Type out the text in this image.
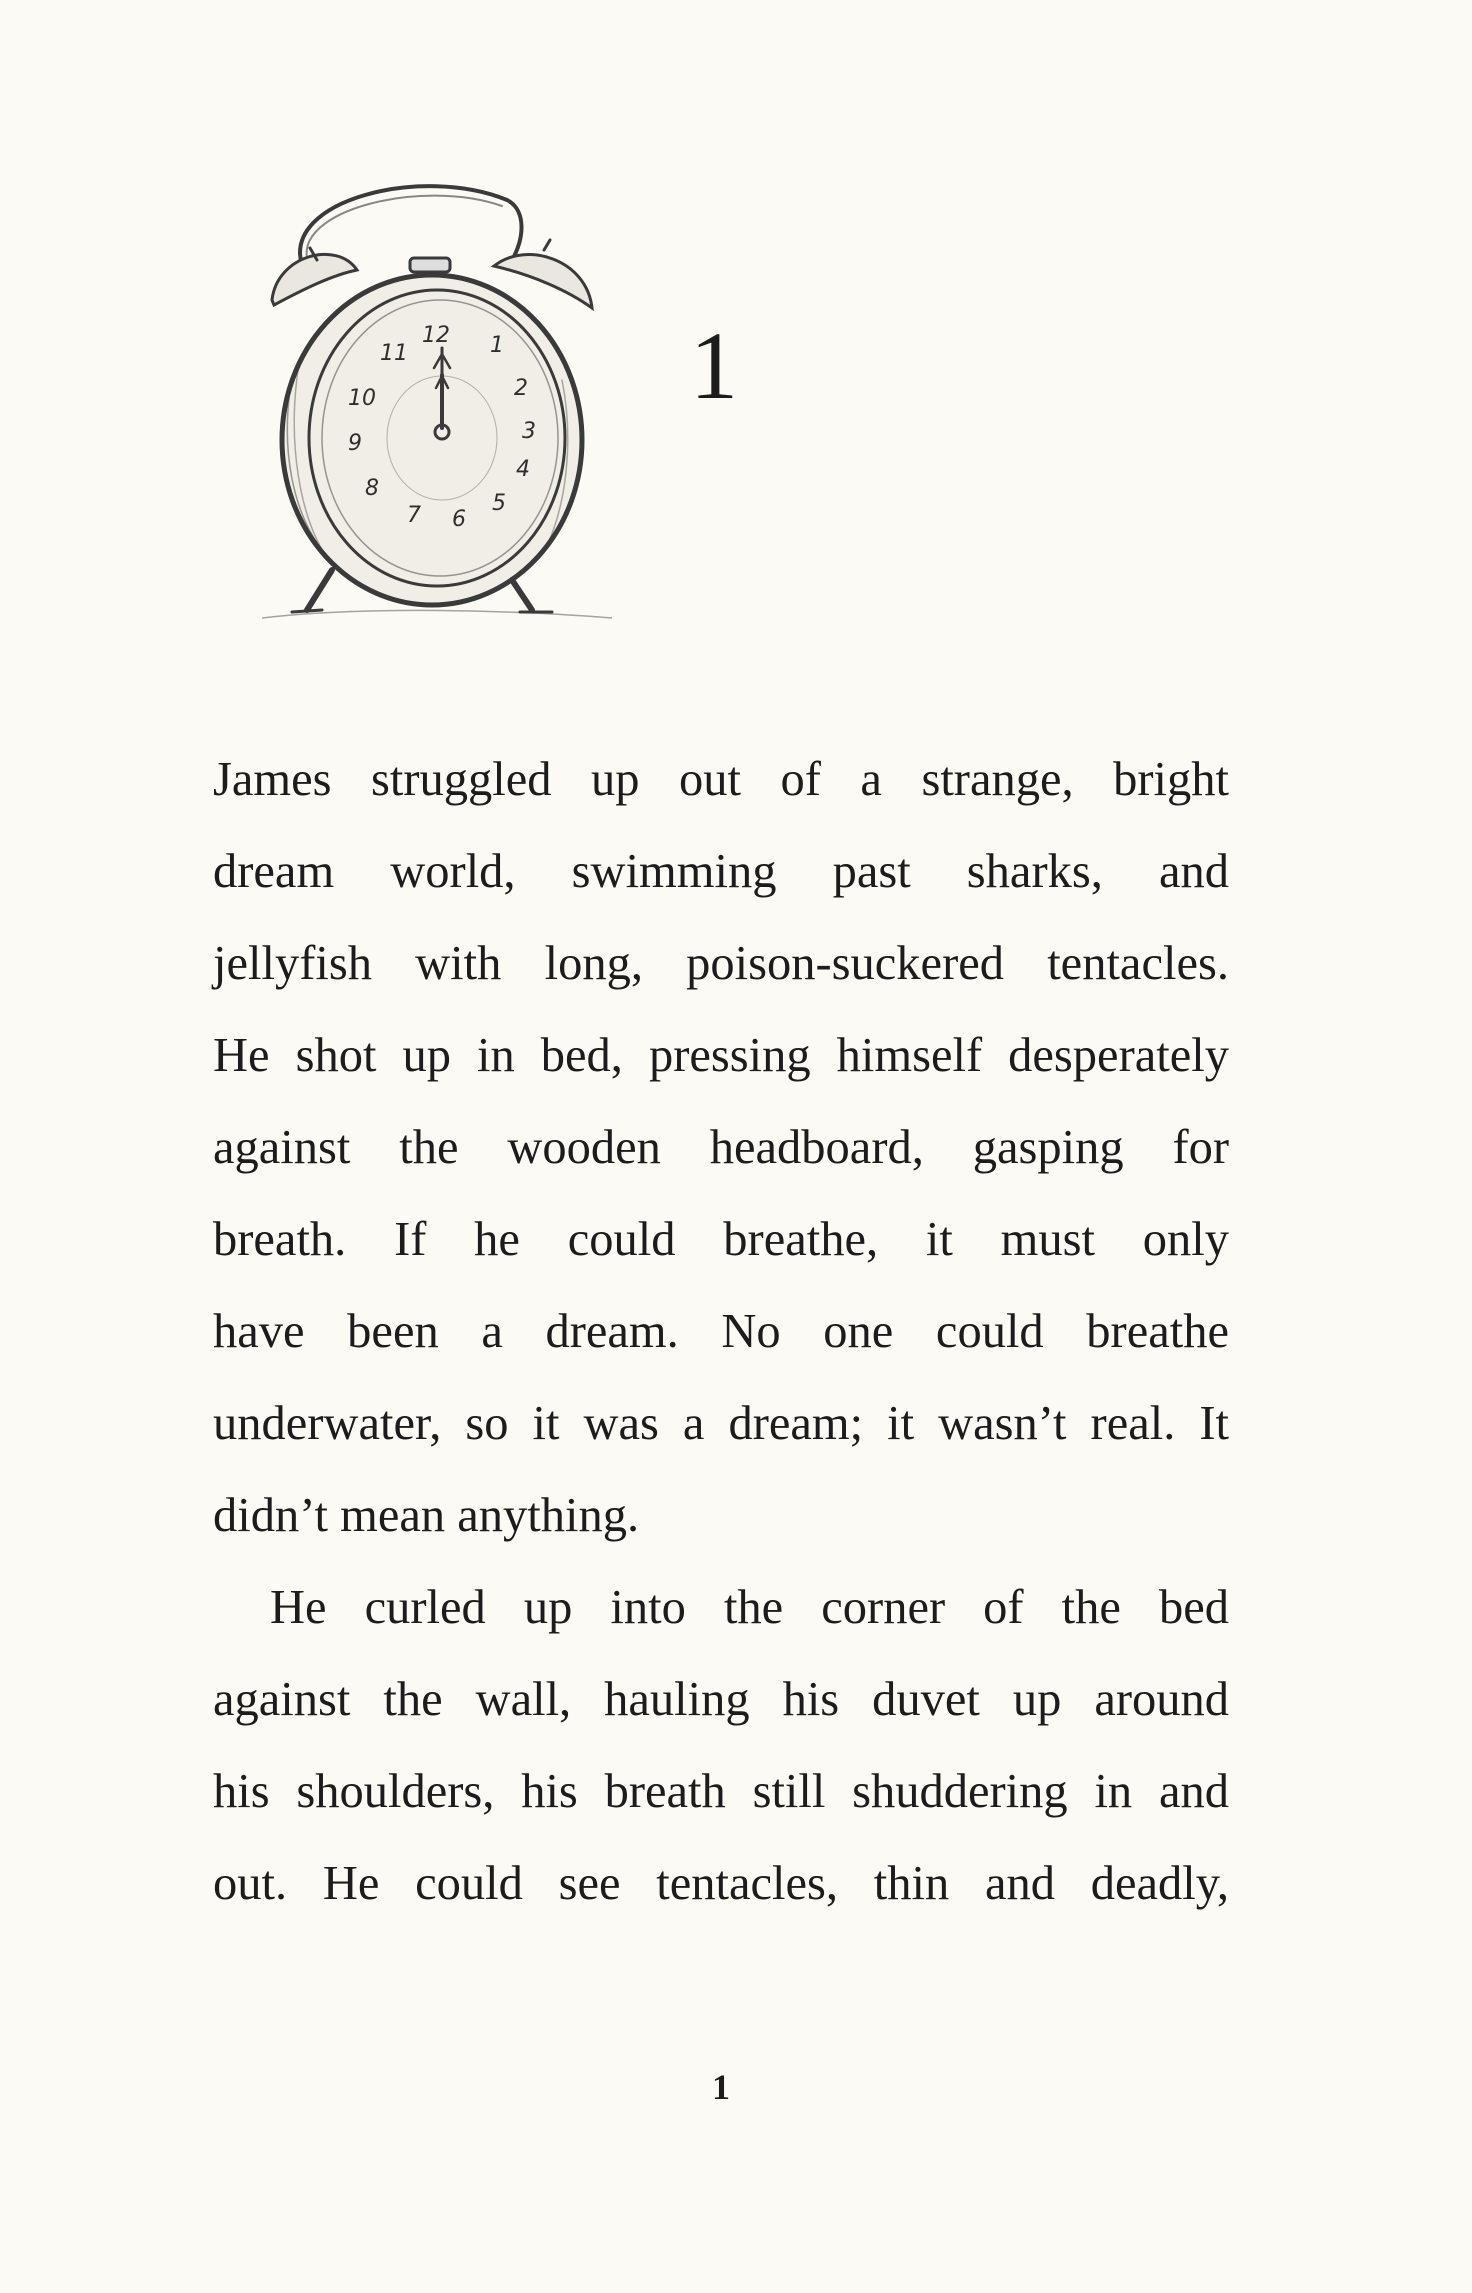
12 1
2
3
4
5
6
7
8
9
10
11	1

James struggled up out of a strange, bright

dream world, swimming past sharks, and

jellyfish with long, poison-suckered tentacles.

He shot up in bed, pressing himself desperately

against the wooden headboard, gasping for

breath. If he could breathe, it must only

have been a dream. No one could breathe

underwater, so it was a dream; it wasn’t real. It

didn’t mean anything.

He curled up into the corner of the bed

against the wall, hauling his duvet up around

his shoulders, his breath still shuddering in and

out. He could see tentacles, thin and deadly,

1
